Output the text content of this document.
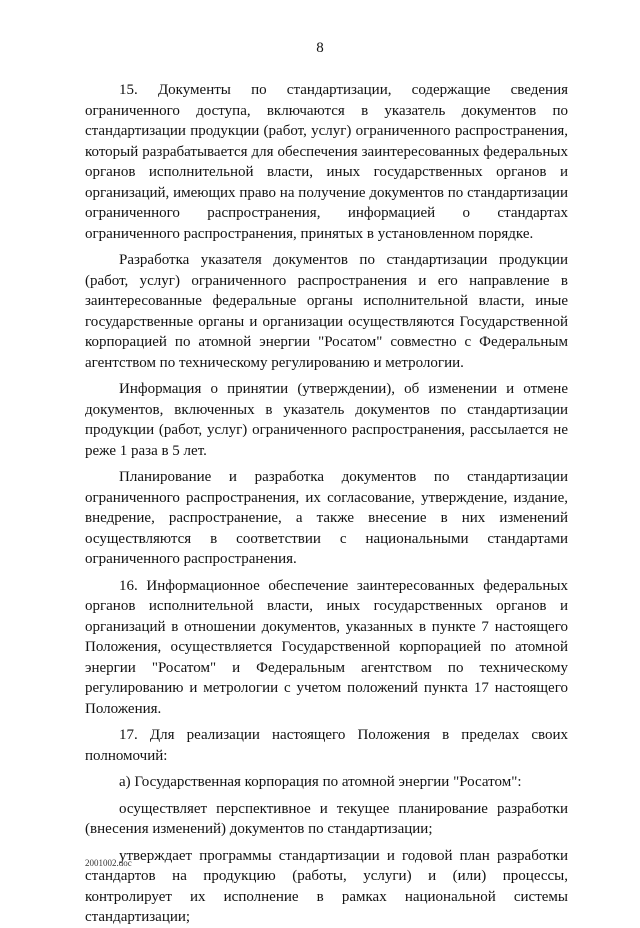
8

15. Документы по стандартизации, содержащие сведения ограниченного доступа, включаются в указатель документов по стандартизации продукции (работ, услуг) ограниченного распространения, который разрабатывается для обеспечения заинтересованных федеральных органов исполнительной власти, иных государственных органов и организаций, имеющих право на получение документов по стандартизации ограниченного распространения, информацией о стандартах ограниченного распространения, принятых в установленном порядке.

Разработка указателя документов по стандартизации продукции (работ, услуг) ограниченного распространения и его направление в заинтересованные федеральные органы исполнительной власти, иные государственные органы и организации осуществляются Государственной корпорацией по атомной энергии "Росатом" совместно с Федеральным агентством по техническому регулированию и метрологии.

Информация о принятии (утверждении), об изменении и отмене документов, включенных в указатель документов по стандартизации продукции (работ, услуг) ограниченного распространения, рассылается не реже 1 раза в 5 лет.

Планирование и разработка документов по стандартизации ограниченного распространения, их согласование, утверждение, издание, внедрение, распространение, а также внесение в них изменений осуществляются в соответствии с национальными стандартами ограниченного распространения.

16. Информационное обеспечение заинтересованных федеральных органов исполнительной власти, иных государственных органов и организаций в отношении документов, указанных в пункте 7 настоящего Положения, осуществляется Государственной корпорацией по атомной энергии "Росатом" и Федеральным агентством по техническому регулированию и метрологии с учетом положений пункта 17 настоящего Положения.

17. Для реализации настоящего Положения в пределах своих полномочий:

а) Государственная корпорация по атомной энергии "Росатом":

осуществляет перспективное и текущее планирование разработки (внесения изменений) документов по стандартизации;

утверждает программы стандартизации и годовой план разработки стандартов на продукцию (работы, услуги) и (или) процессы, контролирует их исполнение в рамках национальной системы стандартизации;

2001002.doc
